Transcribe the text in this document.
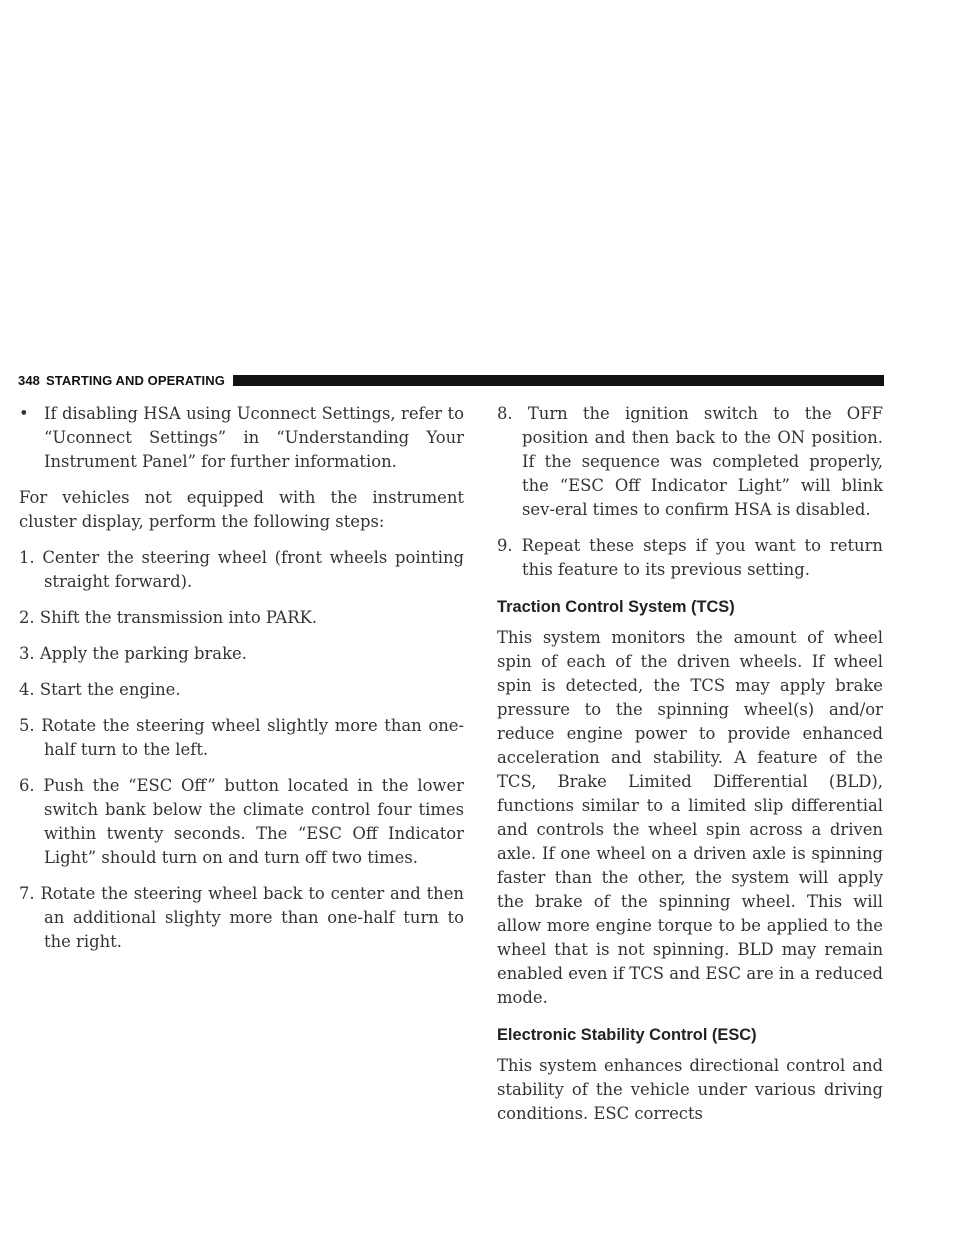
348 STARTING AND OPERATING
• If disabling HSA using Uconnect Settings, refer to “Uconnect Settings” in “Understanding Your Instrument Panel” for further information.

For vehicles not equipped with the instrument cluster display, perform the following steps:

1. Center the steering wheel (front wheels pointing straight forward).

2. Shift the transmission into PARK.

3. Apply the parking brake.

4. Start the engine.

5. Rotate the steering wheel slightly more than one-half turn to the left.

6. Push the “ESC Off” button located in the lower switch bank below the climate control four times within twenty seconds. The “ESC Off Indicator Light” should turn on and turn off two times.

7. Rotate the steering wheel back to center and then an additional slighty more than one-half turn to the right.

8. Turn the ignition switch to the OFF position and then back to the ON position. If the sequence was completed properly, the “ESC Off Indicator Light” will blink sev-eral times to confirm HSA is disabled.

9. Repeat these steps if you want to return this feature to its previous setting.

Traction Control System (TCS)

This system monitors the amount of wheel spin of each of the driven wheels. If wheel spin is detected, the TCS may apply brake pressure to the spinning wheel(s) and/or reduce engine power to provide enhanced acceleration and stability. A feature of the TCS, Brake Limited Differential (BLD), functions similar to a limited slip differential and controls the wheel spin across a driven axle. If one wheel on a driven axle is spinning faster than the other, the system will apply the brake of the spinning wheel. This will allow more engine torque to be applied to the wheel that is not spinning. BLD may remain enabled even if TCS and ESC are in a reduced mode.

Electronic Stability Control (ESC)

This system enhances directional control and stability of the vehicle under various driving conditions. ESC corrects
